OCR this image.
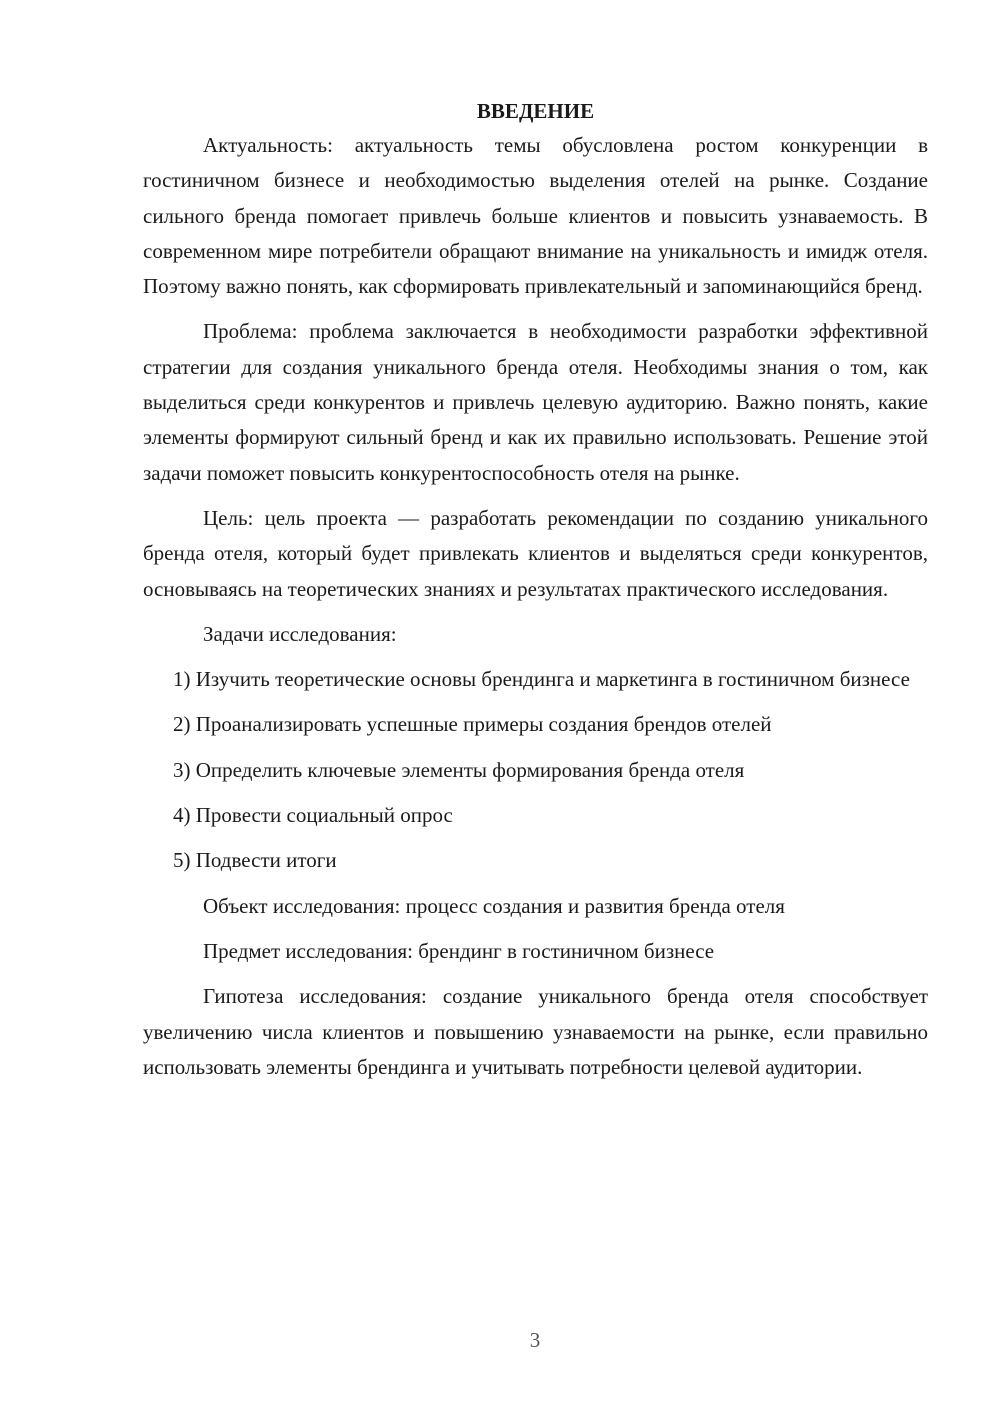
ВВЕДЕНИЕ

Актуальность: актуальность темы обусловлена ростом конкуренции в гостиничном бизнесе и необходимостью выделения отелей на рынке. Создание сильного бренда помогает привлечь больше клиентов и повысить узнаваемость. В современном мире потребители обращают внимание на уникальность и имидж отеля. Поэтому важно понять, как сформировать привлекательный и запоминающийся бренд.

Проблема: проблема заключается в необходимости разработки эффективной стратегии для создания уникального бренда отеля. Необходимы знания о том, как выделиться среди конкурентов и привлечь целевую аудиторию. Важно понять, какие элементы формируют сильный бренд и как их правильно использовать. Решение этой задачи поможет повысить конкурентоспособность отеля на рынке.

Цель: цель проекта — разработать рекомендации по созданию уникального бренда отеля, который будет привлекать клиентов и выделяться среди конкурентов, основываясь на теоретических знаниях и результатах практического исследования.

Задачи исследования:

1) Изучить теоретические основы брендинга и маркетинга в гостиничном бизнесе

2) Проанализировать успешные примеры создания брендов отелей

3) Определить ключевые элементы формирования бренда отеля

4) Провести социальный опрос

5) Подвести итоги

Объект исследования: процесс создания и развития бренда отеля

Предмет исследования: брендинг в гостиничном бизнесе

Гипотеза исследования: создание уникального бренда отеля способствует увеличению числа клиентов и повышению узнаваемости на рынке, если правильно использовать элементы брендинга и учитывать потребности целевой аудитории.

3
